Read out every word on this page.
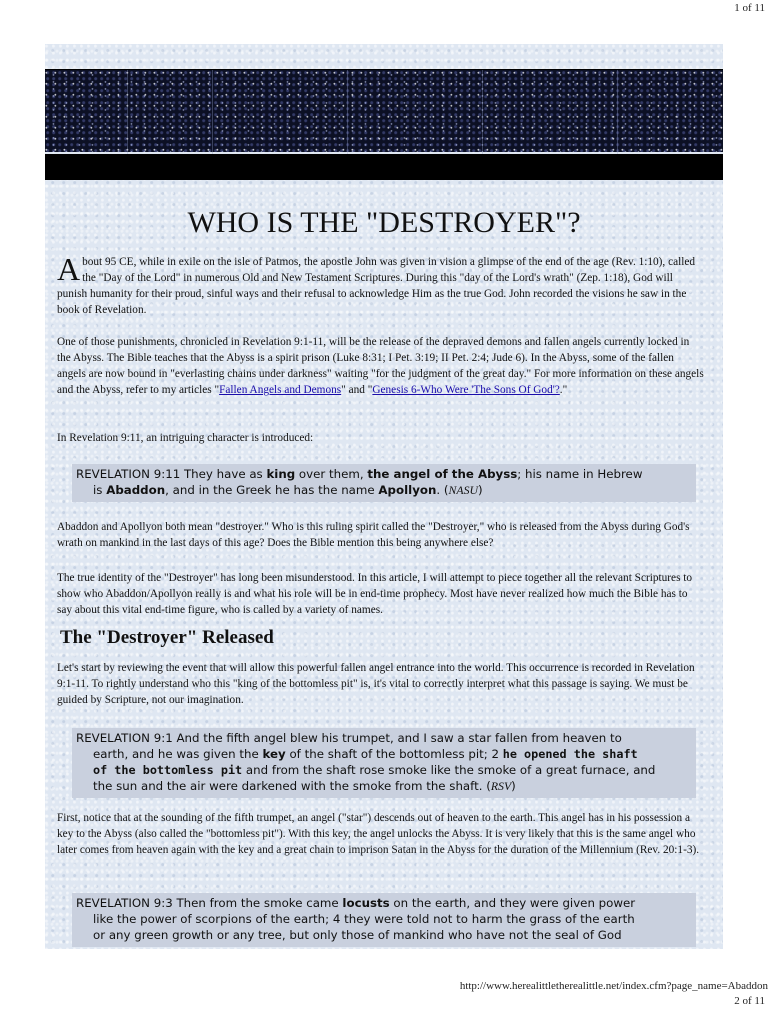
1 of 11
WHO IS THE "DESTROYER"?

About 95 CE, while in exile on the isle of Patmos, the apostle John was given in vision a glimpse of the end of the age (Rev. 1:10), called the "Day of the Lord" in numerous Old and New Testament Scriptures. During this "day of the Lord's wrath" (Zep. 1:18), God will punish humanity for their proud, sinful ways and their refusal to acknowledge Him as the true God. John recorded the visions he saw in the book of Revelation.

One of those punishments, chronicled in Revelation 9:1-11, will be the release of the depraved demons and fallen angels currently locked in the Abyss. The Bible teaches that the Abyss is a spirit prison (Luke 8:31; I Pet. 3:19; II Pet. 2:4; Jude 6). In the Abyss, some of the fallen angels are now bound in "everlasting chains under darkness" waiting "for the judgment of the great day." For more information on these angels and the Abyss, refer to my articles "Fallen Angels and Demons" and "Genesis 6-Who Were 'The Sons Of God'?."

In Revelation 9:11, an intriguing character is introduced:

REVELATION 9:11 They have as king over them, the angel of the Abyss; his name in Hebrew
is Abaddon, and in the Greek he has the name Apollyon. (NASU)

Abaddon and Apollyon both mean "destroyer." Who is this ruling spirit called the "Destroyer," who is released from the Abyss during God's wrath on mankind in the last days of this age? Does the Bible mention this being anywhere else?

The true identity of the "Destroyer" has long been misunderstood. In this article, I will attempt to piece together all the relevant Scriptures to show who Abaddon/Apollyon really is and what his role will be in end-time prophecy. Most have never realized how much the Bible has to say about this vital end-time figure, who is called by a variety of names.

The "Destroyer" Released

Let's start by reviewing the event that will allow this powerful fallen angel entrance into the world. This occurrence is recorded in Revelation 9:1-11. To rightly understand who this "king of the bottomless pit" is, it's vital to correctly interpret what this passage is saying. We must be guided by Scripture, not our imagination.

REVELATION 9:1 And the fifth angel blew his trumpet, and I saw a star fallen from heaven to
earth, and he was given the key of the shaft of the bottomless pit; 2 he opened the shaft
of the bottomless pit and from the shaft rose smoke like the smoke of a great furnace, and
the sun and the air were darkened with the smoke from the shaft. (RSV)

First, notice that at the sounding of the fifth trumpet, an angel ("star") descends out of heaven to the earth. This angel has in his possession a key to the Abyss (also called the "bottomless pit"). With this key, the angel unlocks the Abyss. It is very likely that this is the same angel who later comes from heaven again with the key and a great chain to imprison Satan in the Abyss for the duration of the Millennium (Rev. 20:1-3).

REVELATION 9:3 Then from the smoke came locusts on the earth, and they were given power
like the power of scorpions of the earth; 4 they were told not to harm the grass of the earth
or any green growth or any tree, but only those of mankind who have not the seal of God
http://www.herealittletherealittle.net/index.cfm?page_name=Abaddon
2 of 11
